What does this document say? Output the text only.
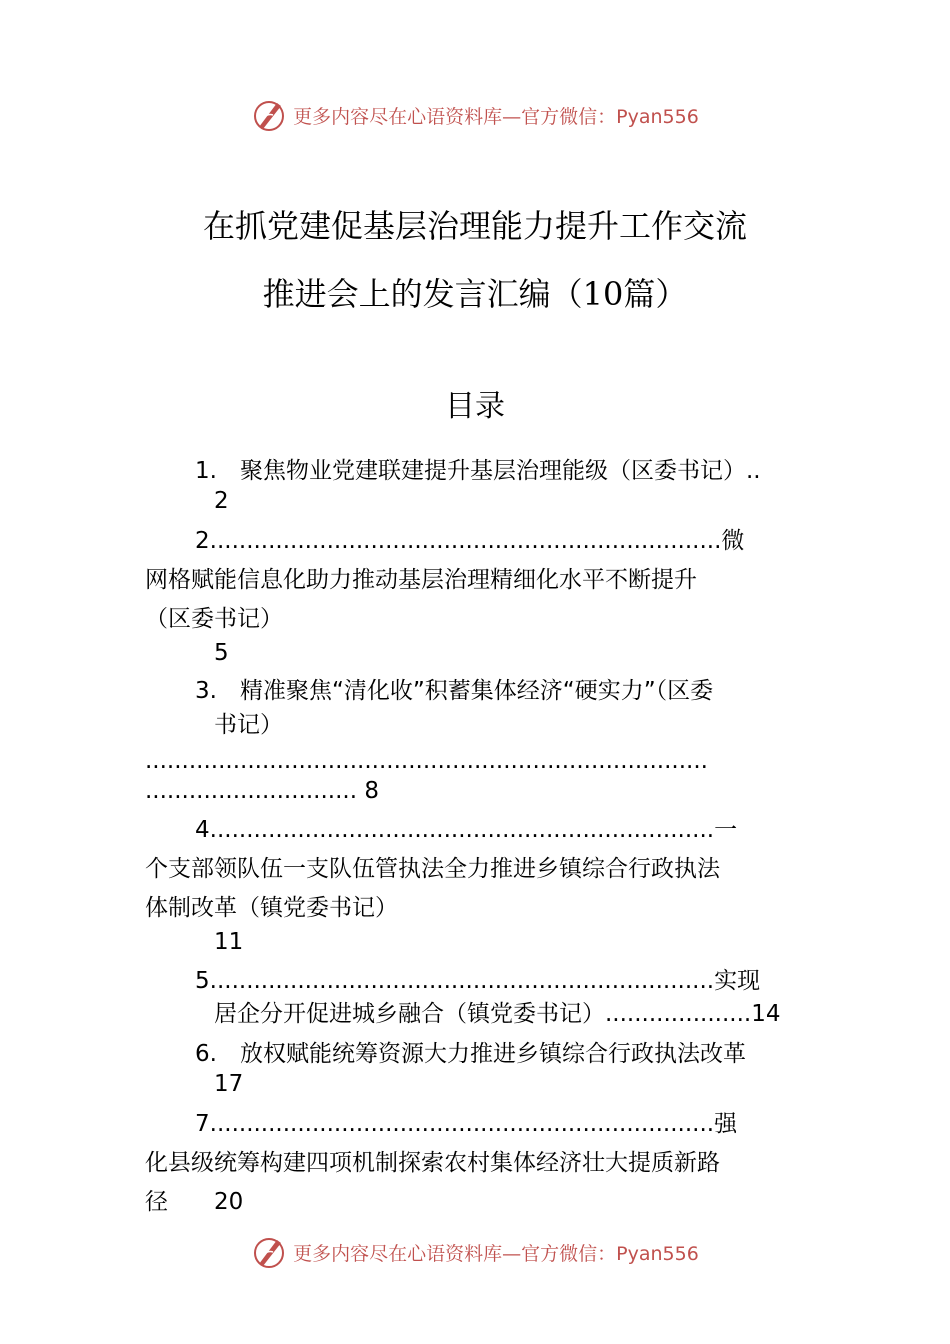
更多内容尽在心语资料库—官方微信：Pyan556
在抓党建促基层治理能力提升工作交流
推进会上的发言汇编（10篇）
目录
1.　聚焦物业党建联建提升基层治理能级（区委书记）..
2
2......................................................................微
网格赋能信息化助力推动基层治理精细化水平不断提升
（区委书记）
5
3.　精准聚焦“清化收”积蓄集体经济“硬实力”（区委
书记）
.............................................................................
............................. 8
4.....................................................................一
个支部领队伍一支队伍管执法全力推进乡镇综合行政执法
体制改革（镇党委书记）
11
5.....................................................................实现
居企分开促进城乡融合（镇党委书记）....................14
6.　放权赋能统筹资源大力推进乡镇综合行政执法改革
17
7.....................................................................强
化县级统筹构建四项机制探索农村集体经济壮大提质新路
径 20
更多内容尽在心语资料库—官方微信：Pyan556
